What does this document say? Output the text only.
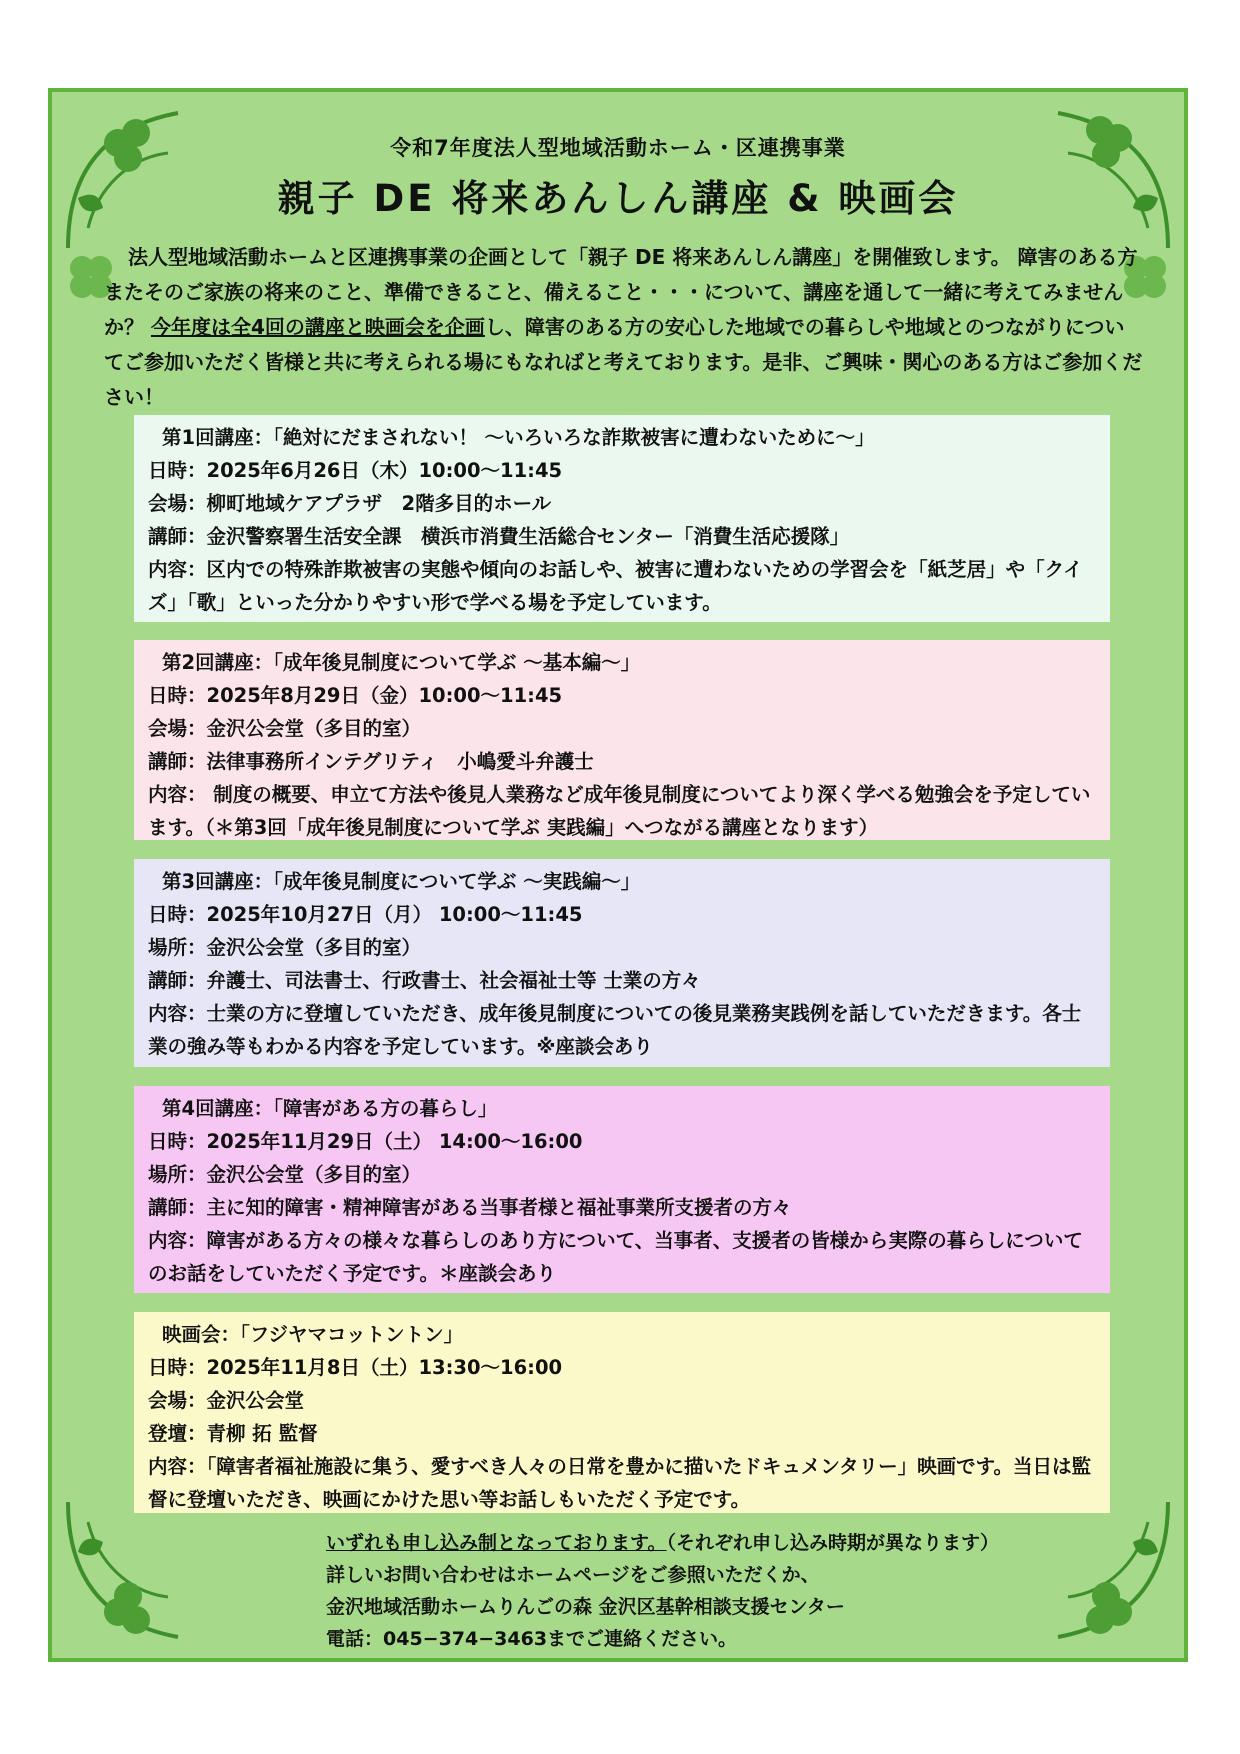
令和7年度法人型地域活動ホーム・区連携事業
親子 DE 将来あんしん講座 & 映画会

法人型地域活動ホームと区連携事業の企画として「親子 DE 将来あんしん講座」を開催致します。 障害のある方またそのご家族の将来のこと、準備できること、備えること・・・について、講座を通して一緒に考えてみませんか？ 今年度は全4回の講座と映画会を企画し、障害のある方の安心した地域での暮らしや地域とのつながりについてご参加いただく皆様と共に考えられる場にもなればと考えております。是非、ご興味・関心のある方はご参加ください！

第1回講座：「絶対にだまされない！ ～いろいろな詐欺被害に遭わないために～」
日時：2025年6月26日（木）10:00～11:45
会場：柳町地域ケアプラザ　2階多目的ホール
講師：金沢警察署生活安全課　横浜市消費生活総合センター「消費生活応援隊」
内容：区内での特殊詐欺被害の実態や傾向のお話しや、被害に遭わないための学習会を「紙芝居」や「クイズ」「歌」といった分かりやすい形で学べる場を予定しています。
第2回講座：「成年後見制度について学ぶ ～基本編～」
日時：2025年8月29日（金）10:00～11:45
会場：金沢公会堂（多目的室）
講師：法律事務所インテグリティ　小嶋愛斗弁護士
内容： 制度の概要、申立て方法や後見人業務など成年後見制度についてより深く学べる勉強会を予定しています。（＊第3回「成年後見制度について学ぶ 実践編」へつながる講座となります）
第3回講座：「成年後見制度について学ぶ ～実践編～」
日時：2025年10月27日（月） 10:00～11:45
場所：金沢公会堂（多目的室）
講師：弁護士、司法書士、行政書士、社会福祉士等 士業の方々
内容：士業の方に登壇していただき、成年後見制度についての後見業務実践例を話していただきます。各士業の強み等もわかる内容を予定しています。※座談会あり
第4回講座：「障害がある方の暮らし」
日時：2025年11月29日（土） 14:00～16:00
場所：金沢公会堂（多目的室）
講師：主に知的障害・精神障害がある当事者様と福祉事業所支援者の方々
内容：障害がある方々の様々な暮らしのあり方について、当事者、支援者の皆様から実際の暮らしについてのお話をしていただく予定です。＊座談会あり
映画会：「フジヤマコットントン」
日時：2025年11月8日（土）13:30～16:00
会場：金沢公会堂
登壇：青柳 拓 監督
内容：「障害者福祉施設に集う、愛すべき人々の日常を豊かに描いたドキュメンタリー」映画です。当日は監督に登壇いただき、映画にかけた思い等お話しもいただく予定です。
いずれも申し込み制となっております。（それぞれ申し込み時期が異なります）
詳しいお問い合わせはホームページをご参照いただくか、
金沢地域活動ホームりんごの森 金沢区基幹相談支援センター
電話：045−374−3463までご連絡ください。
